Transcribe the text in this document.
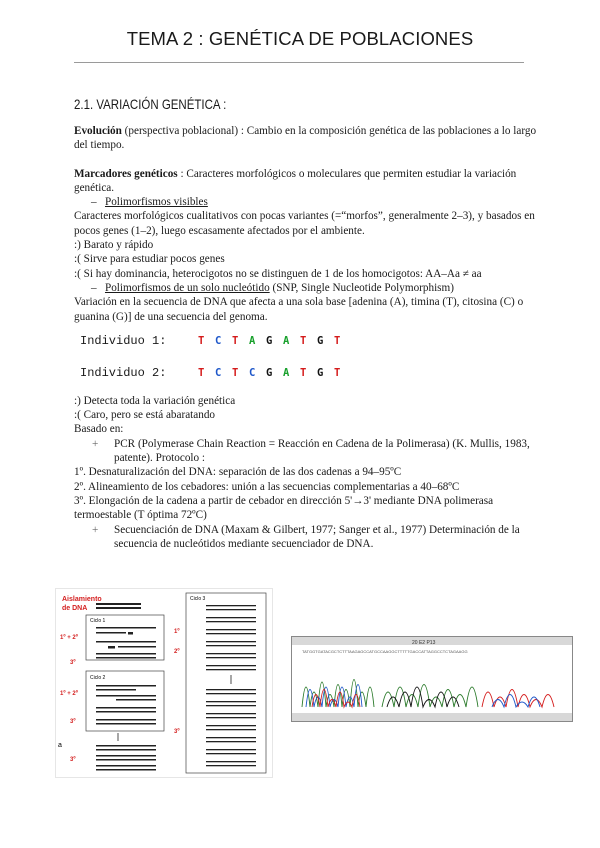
TEMA 2 : GENÉTICA DE POBLACIONES
2.1. VARIACIÓN GENÉTICA :

Evolución (perspectiva poblacional) : Cambio en la composición genética de las poblaciones a lo largo del tiempo.

Marcadores genéticos : Caracteres morfológicos o moleculares que permiten estudiar la variación genética.

–   Polimorfismos visibles

Caracteres morfológicos cualitativos con pocas variantes (=“morfos”, generalmente 2–3), y basados en pocos genes (1–2), luego escasamente afectados por el ambiente.

:) Barato y rápido

:( Sirve para estudiar pocos genes

:( Si hay dominancia, heterocigotos no se distinguen de 1 de los homocigotos: AA–Aa ≠ aa

–   Polimorfismos de un solo nucleótido (SNP, Single Nucleotide Polymorphism)

Variación en la secuencia de DNA que afecta a una sola base [adenina (A), timina (T), citosina (C) o guanina (G)] de una secuencia del genoma.

Individuo 1:	T C T A G A T G T
Individuo 2:	T C T C G A T G T

:) Detecta toda la variación genética

:( Caro, pero se está abaratando

Basado en:

+ PCR (Polymerase Chain Reaction = Reacción en Cadena de la Polimerasa) (K. Mullis, 1983, patente). Protocolo :

1º. Desnaturalización del DNA: separación de las dos cadenas a 94–95ºC

2º. Alineamiento de los cebadores: unión a las secuencias complementarias a 40–68ºC

3º. Elongación de la cadena a partir de cebador en dirección 5'→3' mediante DNA polimerasa termoestable (T óptima 72ºC)

+ Secuenciación de DNA (Maxam & Gilbert, 1977; Sanger et al., 1977) Determinación de la secuencia de nucleótidos mediante secuenciador de DNA.

Aislamiento
de DNA
Ciclo 1
1º + 2º
3º
Ciclo 2
1º + 2º
3º
a
3º
Ciclo 3
1º
2º
3º
20 E2 P13
TATGGTGATACGCTCTTTAAGAGCCATGCCAAGGCTTTTTGACCATTAGGCCTCTAGAAGG
